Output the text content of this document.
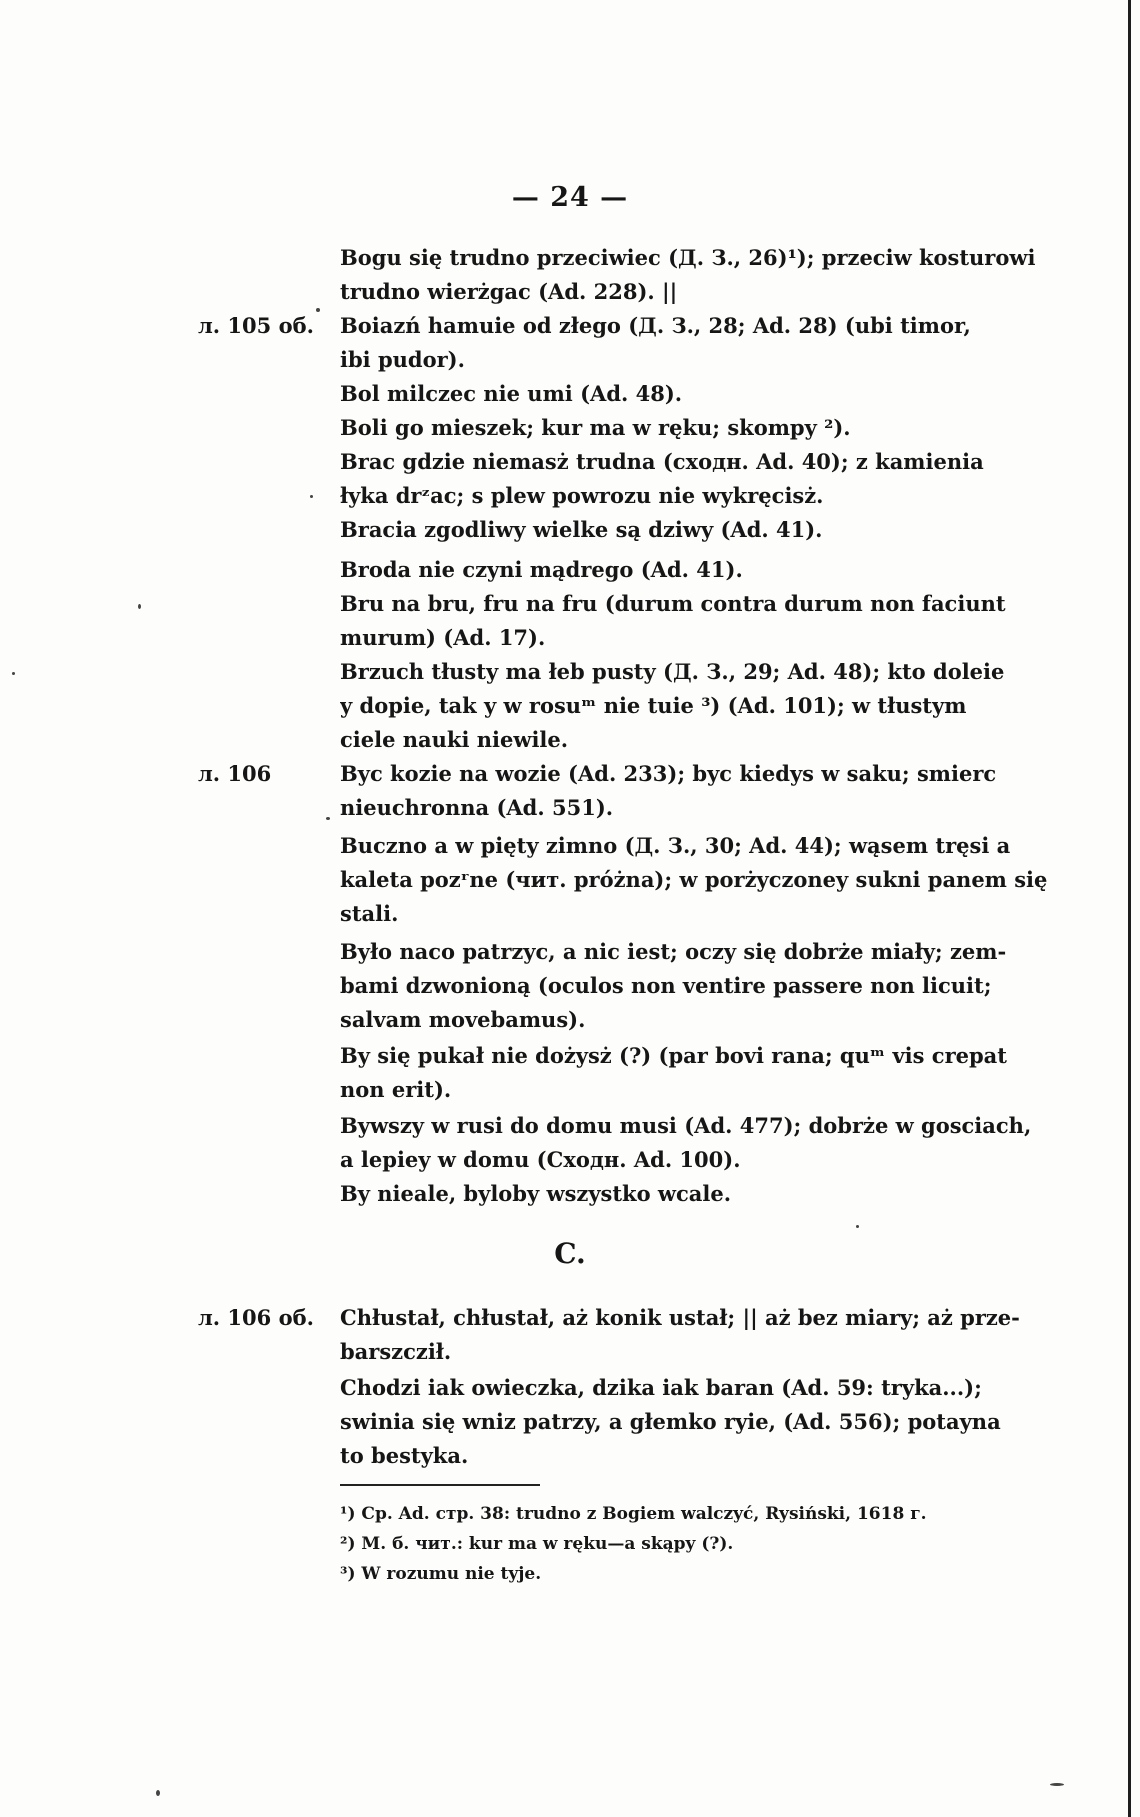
— 24 —
л. 105 об.
л. 106
л. 106 об.
Bogu się trudno przeciwiec (Д. З., 26)¹); przeciw kosturowi
trudno wierżgac (Ad. 228). ||
Boiazń hamuie od złego (Д. З., 28; Ad. 28) (ubi timor,
ibi pudor).
Bol milczec nie umi (Ad. 48).
Boli go mieszek; kur ma w ręku; skompy ²).
Brac gdzie niemasż trudna (сходн. Ad. 40); z kamienia
łyka drᶻac; s plew powrozu nie wykręcisż.
Bracia zgodliwy wielke są dziwy (Ad. 41).
Broda nie czyni mądrego (Ad. 41).
Bru na bru, fru na fru (durum contra durum non faciunt
murum) (Ad. 17).
Brzuch tłusty ma łeb pusty (Д. З., 29; Ad. 48); kto doleie
y dopie, tak y w rosuᵐ nie tuie ³) (Ad. 101); w tłustym
ciele nauki niewile.
Byc kozie na wozie (Ad. 233); byc kiedys w saku; smierc
nieuchronna (Ad. 551).
Buczno a w pięty zimno (Д. З., 30; Ad. 44); wąsem tręsi a
kaleta pozʳne (чит. próżna); w porżyczoney sukni panem się
stali.
Było naco patrzyc, a nic iest; oczy się dobrże miały; zem-
bami dzwonioną (oculos non ventire passere non licuit;
salvam movebamus).
By się pukał nie dożysż (?) (par bovi rana; quᵐ vis crepat
non erit).
Bywszy w rusi do domu musi (Ad. 477); dobrże w gosciach,
a lepiey w domu (Сходн. Ad. 100).
By nieale, byloby wszystko wcale.
Chłustał, chłustał, aż konik ustał; || aż bez miary; aż prze-
barszcził.
Chodzi iak owieczka, dzika iak baran (Ad. 59: tryka...);
swinia się wniz patrzy, a głemko ryie, (Ad. 556); potayna
to bestyka.
C.
¹) Ср. Ad. стр. 38: trudno z Bogiem walczyć, Rysiński, 1618 г.
²) М. б. чит.: kur ma w ręku—a skąpy (?).
³) W rozumu nie tyje.
